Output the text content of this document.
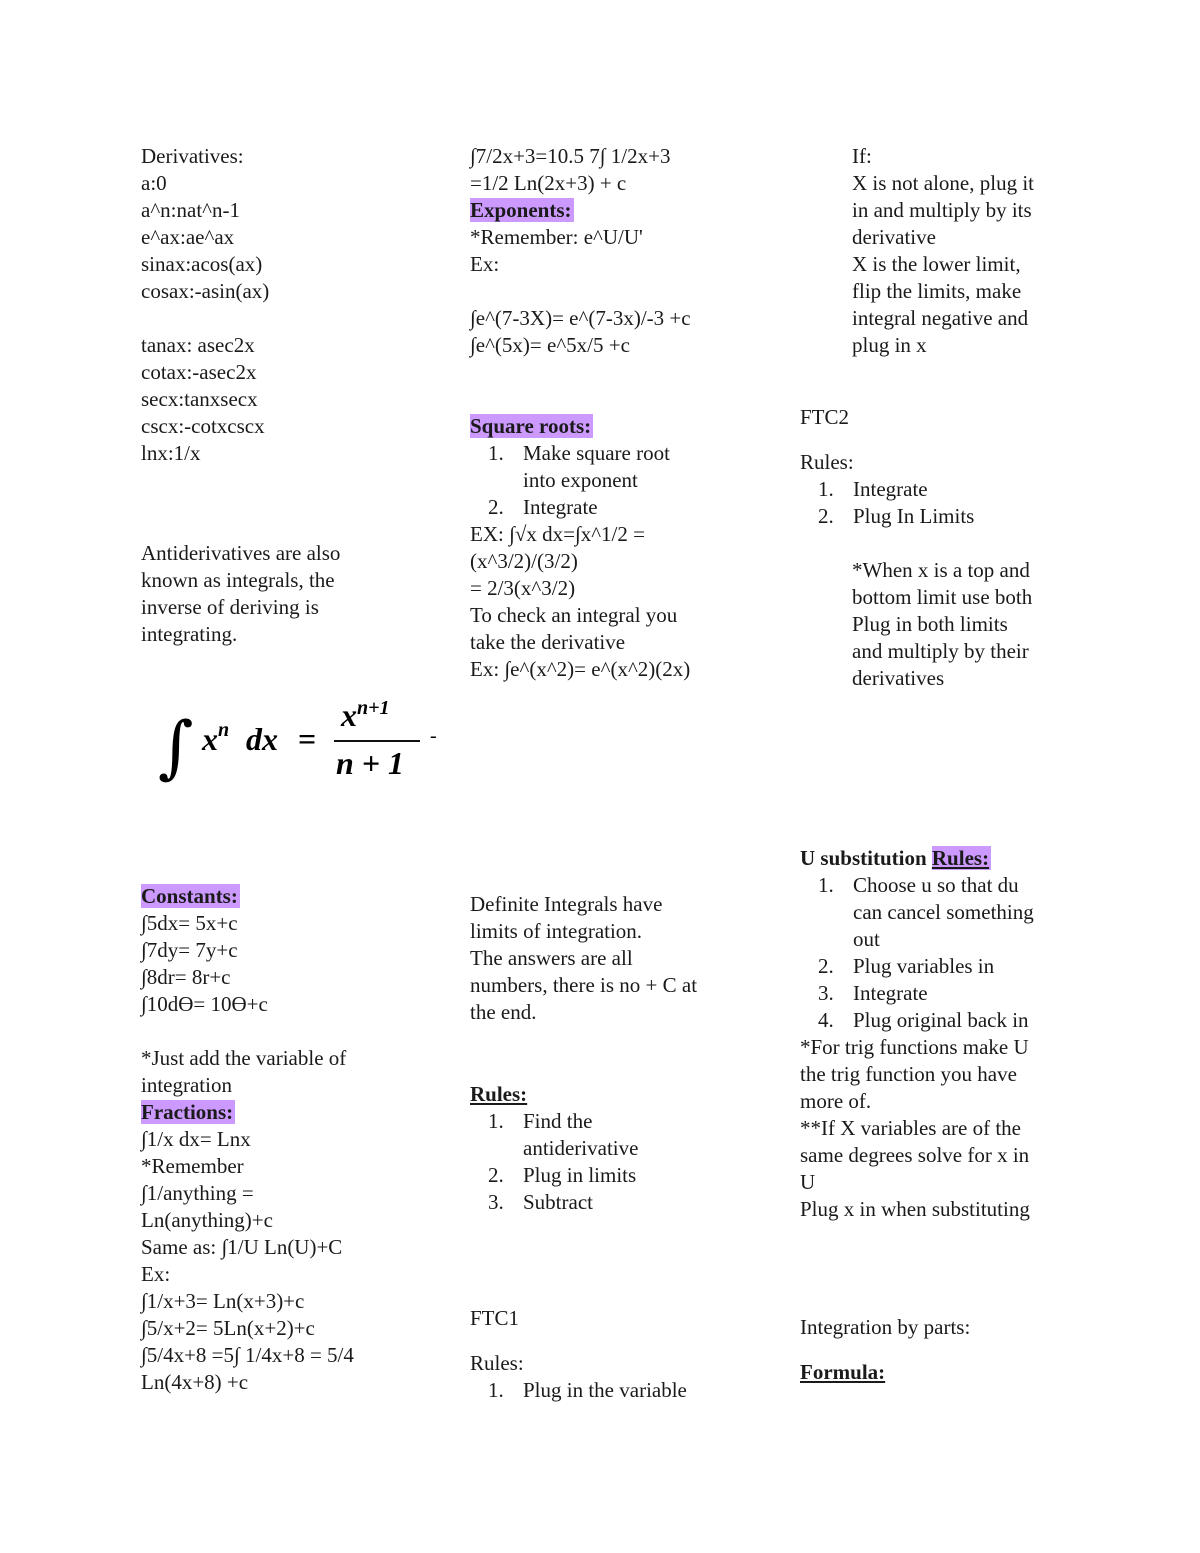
Derivatives:
a:0
a^n:nat^n-1
e^ax:ae^ax
sinax:acos(ax)
cosax:-asin(ax)
tanax: asec2x
cotax:-asec2x
secx:tanxsecx
cscx:-cotxcscx
lnx:1/x
Antiderivatives are also
known as integrals, the
inverse of deriving is
integrating.
∫ $x^n$ dx =
$x^{n+1}$
n + 1
-
Constants:
∫5dx= 5x+c
∫7dy= 7y+c
∫8dr= 8r+c
∫10dϴ= 10ϴ+c
*Just add the variable of
integration
Fractions:
∫1/x dx= Lnx
*Remember
∫1/anything =
Ln(anything)+c
Same as: ∫1/U Ln(U)+C
Ex:
∫1/x+3= Ln(x+3)+c
∫5/x+2= 5Ln(x+2)+c
∫5/4x+8 =5∫ 1/4x+8 = 5/4
Ln(4x+8) +c
∫7/2x+3=10.5 7∫ 1/2x+3
=1/2 Ln(2x+3) + c
Exponents:
*Remember: e^U/U'
Ex:
∫e^(7-3X)= e^(7-3x)/-3 +c
∫e^(5x)= e^5x/5 +c
Square roots:
1. Make square root
into exponent
2. Integrate
EX: ∫√x dx=∫x^1/2 =
(x^3/2)/(3/2)
= 2/3(x^3/2)
To check an integral you
take the derivative
Ex: ∫e^(x^2)= e^(x^2)(2x)
Definite Integrals have
limits of integration.
The answers are all
numbers, there is no + C at
the end.
Rules:
1. Find the
antiderivative
2. Plug in limits
3. Subtract
FTC1
Rules:
1. Plug in the variable
If:
X is not alone, plug it
in and multiply by its
derivative
X is the lower limit,
flip the limits, make
integral negative and
plug in x
FTC2
Rules:
1. Integrate
2. Plug In Limits
*When x is a top and
bottom limit use both
Plug in both limits
and multiply by their
derivatives
U substitution Rules:
1. Choose u so that du
can cancel something
out
2. Plug variables in
3. Integrate
4. Plug original back in
*For trig functions make U
the trig function you have
more of.
**If X variables are of the
same degrees solve for x in
U
Plug x in when substituting
Integration by parts:
Formula:
